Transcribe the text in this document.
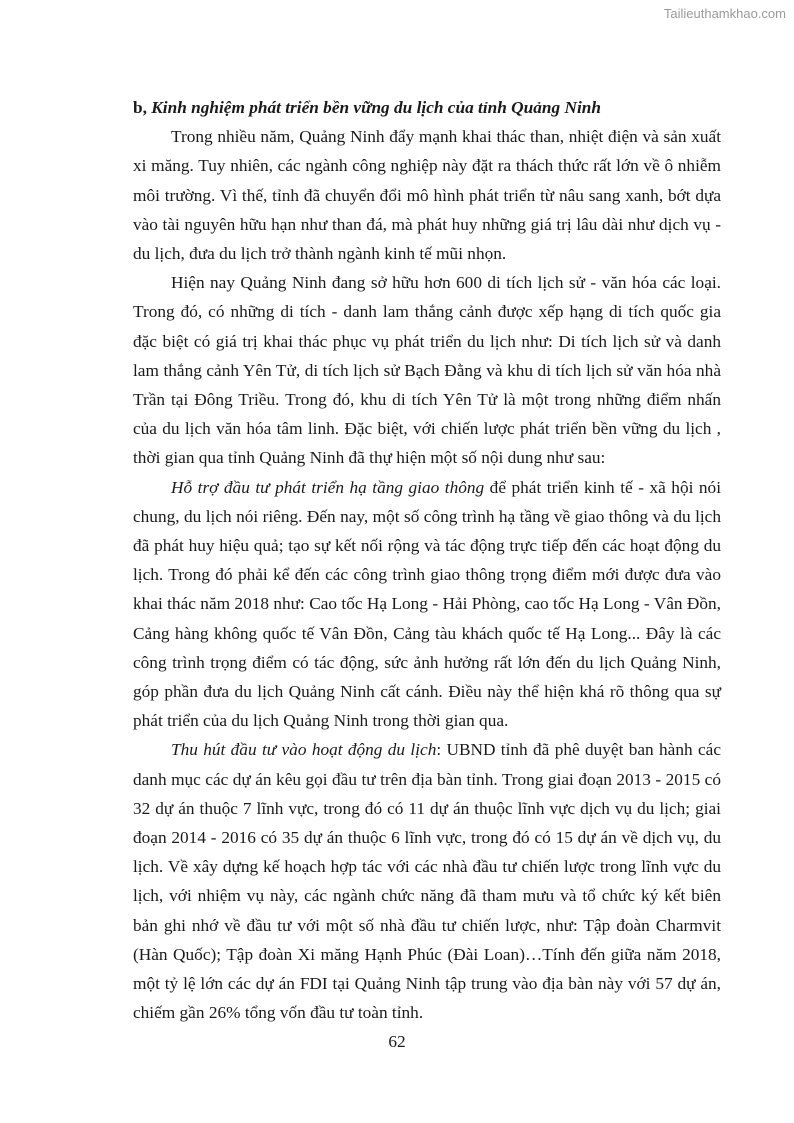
Tailieuthamkhao.com

b, Kinh nghiệm phát triển bền vững du lịch của tỉnh Quảng Ninh

Trong nhiều năm, Quảng Ninh đẩy mạnh khai thác than, nhiệt điện và sản xuất xi măng. Tuy nhiên, các ngành công nghiệp này đặt ra thách thức rất lớn về ô nhiễm môi trường. Vì thế, tỉnh đã chuyển đổi mô hình phát triển từ nâu sang xanh, bớt dựa vào tài nguyên hữu hạn như than đá, mà phát huy những giá trị lâu dài như dịch vụ - du lịch, đưa du lịch trở thành ngành kinh tế mũi nhọn.

Hiện nay Quảng Ninh đang sở hữu hơn 600 di tích lịch sử - văn hóa các loại. Trong đó, có những di tích - danh lam thắng cảnh được xếp hạng di tích quốc gia đặc biệt có giá trị khai thác phục vụ phát triển du lịch như: Di tích lịch sử và danh lam thắng cảnh Yên Tử, di tích lịch sử Bạch Đằng và khu di tích lịch sử văn hóa nhà Trần tại Đông Triều. Trong đó, khu di tích Yên Tử là một trong những điểm nhấn của du lịch văn hóa tâm linh. Đặc biệt, với chiến lược phát triển bền vững du lịch , thời gian qua tỉnh Quảng Ninh đã thự hiện một số nội dung như sau:

Hỗ trợ đầu tư phát triển hạ tầng giao thông để phát triển kinh tế - xã hội nói chung, du lịch nói riêng. Đến nay, một số công trình hạ tầng về giao thông và du lịch đã phát huy hiệu quả; tạo sự kết nối rộng và tác động trực tiếp đến các hoạt động du lịch. Trong đó phải kể đến các công trình giao thông trọng điểm mới được đưa vào khai thác năm 2018 như: Cao tốc Hạ Long - Hải Phòng, cao tốc Hạ Long - Vân Đồn, Cảng hàng không quốc tế Vân Đồn, Cảng tàu khách quốc tế Hạ Long... Đây là các công trình trọng điểm có tác động, sức ảnh hưởng rất lớn đến du lịch Quảng Ninh, góp phần đưa du lịch Quảng Ninh cất cánh. Điều này thể hiện khá rõ thông qua sự phát triển của du lịch Quảng Ninh trong thời gian qua.

Thu hút đầu tư vào hoạt động du lịch: UBND tỉnh đã phê duyệt ban hành các danh mục các dự án kêu gọi đầu tư trên địa bàn tỉnh. Trong giai đoạn 2013 - 2015 có 32 dự án thuộc 7 lĩnh vực, trong đó có 11 dự án thuộc lĩnh vực dịch vụ du lịch; giai đoạn 2014 - 2016 có 35 dự án thuộc 6 lĩnh vực, trong đó có 15 dự án về dịch vụ, du lịch. Về xây dựng kế hoạch hợp tác với các nhà đầu tư chiến lược trong lĩnh vực du lịch, với nhiệm vụ này, các ngành chức năng đã tham mưu và tổ chức ký kết biên bản ghi nhớ về đầu tư với một số nhà đầu tư chiến lược, như: Tập đoàn Charmvit (Hàn Quốc); Tập đoàn Xi măng Hạnh Phúc (Đài Loan)…Tính đến giữa năm 2018, một tỷ lệ lớn các dự án FDI tại Quảng Ninh tập trung vào địa bàn này với 57 dự án, chiếm gần 26% tổng vốn đầu tư toàn tỉnh.

62
